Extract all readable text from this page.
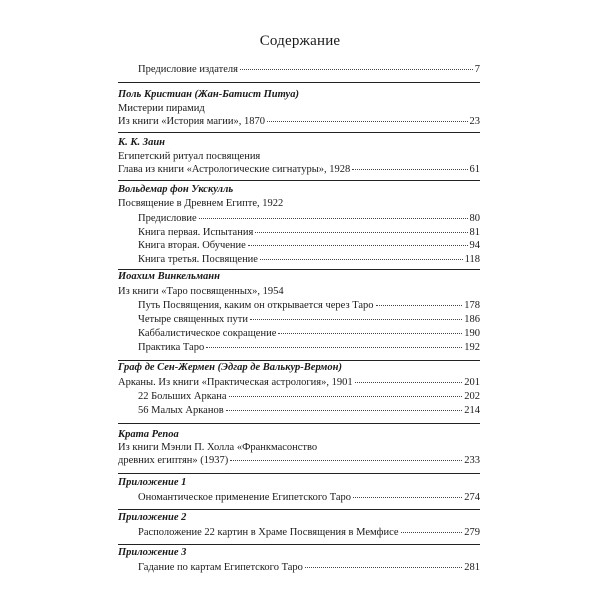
Содержание
Предисловие издателя	7
Поль Кристиан (Жан-Батист Питуа)
Мистерии пирамид
Из книги «История магии», 1870	23
К. К. Заин
Египетский ритуал посвящения
Глава из книги «Астрологические сигнатуры», 1928	61
Вольдемар фон Укскулль
Посвящение в Древнем Египте, 1922
Предисловие	80
Книга первая. Испытания	81
Книга вторая. Обучение	94
Книга третья. Посвящение	118
Иоахим Винкельманн
Из книги «Таро посвященных», 1954
Путь Посвящения, каким он открывается через Таро	178
Четыре священных пути	186
Каббалистическое сокращение	190
Практика Таро	192
Граф де Сен-Жермен (Эдгар де Валькур-Вермон)
Арканы. Из книги «Практическая астрология», 1901	201
22 Больших Аркана	202
56 Малых Арканов	214
Крата Репоа
Из книги Мэнли П. Холла «Франкмасонство
древних египтян» (1937)	233
Приложение 1
Ономантическое применение Египетского Таро	274
Приложение 2
Расположение 22 картин в Храме Посвящения в Мемфисе	279
Приложение 3
Гадание по картам Египетского Таро	281
